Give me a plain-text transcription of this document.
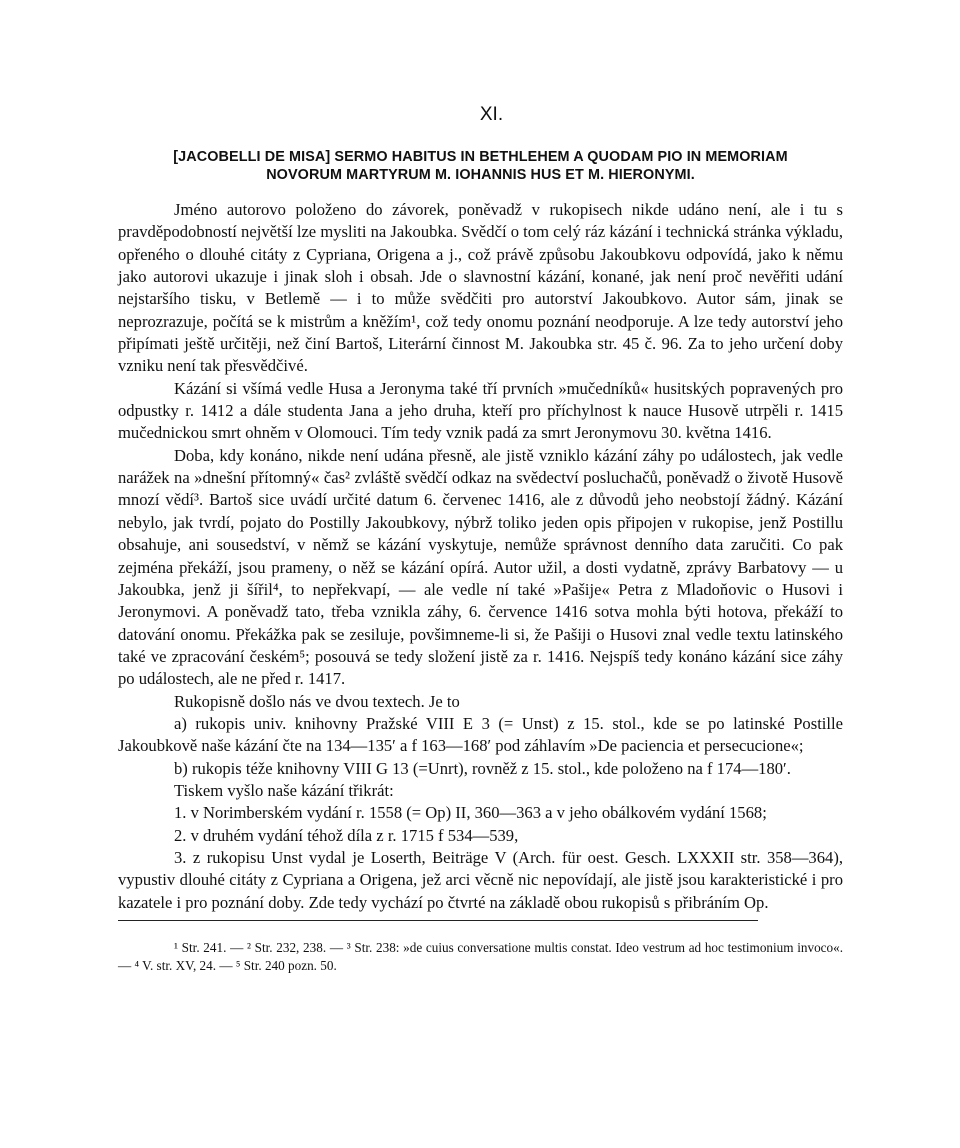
XI.
[JACOBELLI DE MISA] SERMO HABITUS IN BETHLEHEM A QUODAM PIO IN MEMORIAM
NOVORUM MARTYRUM M. IOHANNIS HUS ET M. HIERONYMI.

Jméno autorovo položeno do závorek, poněvadž v rukopisech nikde udáno není, ale i tu s pravděpodobností největší lze mysliti na Jakoubka. Svědčí o tom celý ráz kázání i technická stránka výkladu, opřeného o dlouhé citáty z Cypriana, Origena a j., což právě způsobu Jakoubkovu odpovídá, jako k němu jako autorovi ukazuje i jinak sloh i obsah. Jde o slavnostní kázání, konané, jak není proč nevěřiti udání nejstaršího tisku, v Betlemě — i to může svědčiti pro autorství Jakoubkovo. Autor sám, jinak se neprozrazuje, počítá se k mistrům a kněžím¹, což tedy onomu poznání neodporuje. A lze tedy autorství jeho připímati ještě určitěji, než činí Bartoš, Literární činnost M. Jakoubka str. 45 č. 96. Za to jeho určení doby vzniku není tak přesvědčivé.

Kázání si všímá vedle Husa a Jeronyma také tří prvních »mučedníků« husitských popravených pro odpustky r. 1412 a dále studenta Jana a jeho druha, kteří pro příchylnost k nauce Husově utrpěli r. 1415 mučednickou smrt ohněm v Olomouci. Tím tedy vznik padá za smrt Jeronymovu 30. května 1416.

Doba, kdy konáno, nikde není udána přesně, ale jistě vzniklo kázání záhy po událostech, jak vedle narážek na »dnešní přítomný« čas² zvláště svědčí odkaz na svědectví posluchačů, poněvadž o životě Husově mnozí vědí³. Bartoš sice uvádí určité datum 6. červenec 1416, ale z důvodů jeho neobstojí žádný. Kázání nebylo, jak tvrdí, pojato do Postilly Jakoubkovy, nýbrž toliko jeden opis připojen v rukopise, jenž Postillu obsahuje, ani sousedství, v němž se kázání vyskytuje, nemůže správnost denního data zaručiti. Co pak zejména překáží, jsou prameny, o něž se kázání opírá. Autor užil, a dosti vydatně, zprávy Barbatovy — u Jakoubka, jenž ji šířil⁴, to nepřekvapí, — ale vedle ní také »Pašije« Petra z Mladoňovic o Husovi i Jeronymovi. A poněvadž tato, třeba vznikla záhy, 6. července 1416 sotva mohla býti hotova, překáží to datování onomu. Překážka pak se zesiluje, povšimneme-li si, že Pašiji o Husovi znal vedle textu latinského také ve zpracování českém⁵; posouvá se tedy složení jistě za r. 1416. Nejspíš tedy konáno kázání sice záhy po událostech, ale ne před r. 1417.

Rukopisně došlo nás ve dvou textech. Je to

a) rukopis univ. knihovny Pražské VIII E 3 (= Unst) z 15. stol., kde se po latinské Postille Jakoubkově naše kázání čte na 134—135′ a f 163—168′ pod záhlavím »De paciencia et persecucione«;

b) rukopis téže knihovny VIII G 13 (=Unrt), rovněž z 15. stol., kde položeno na f 174—180′.

Tiskem vyšlo naše kázání třikrát:

1. v Norimberském vydání r. 1558 (= Op) II, 360—363 a v jeho obálkovém vydání 1568;

2. v druhém vydání téhož díla z r. 1715 f 534—539,

3. z rukopisu Unst vydal je Loserth, Beiträge V (Arch. für oest. Gesch. LXXXII str. 358—364), vypustiv dlouhé citáty z Cypriana a Origena, jež arci věcně nic nepovídají, ale jistě jsou karakteristické i pro kazatele i pro poznání doby. Zde tedy vychází po čtvrté na základě obou rukopisů s přibráním Op.

¹ Str. 241. — ² Str. 232, 238. — ³ Str. 238: »de cuius conversatione multis constat. Ideo vestrum ad hoc testimonium invoco«. — ⁴ V. str. XV, 24. — ⁵ Str. 240 pozn. 50.
